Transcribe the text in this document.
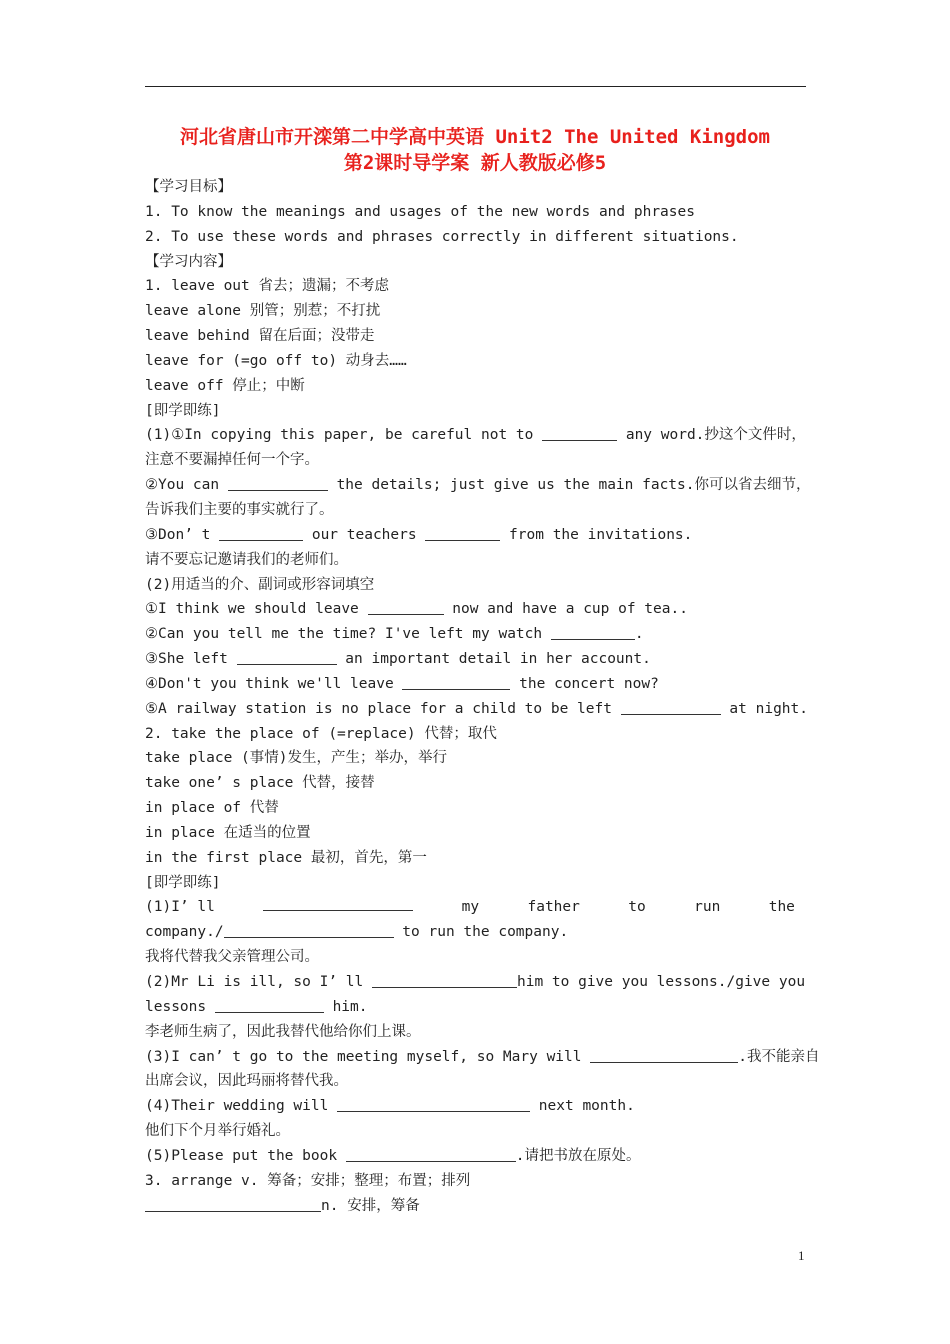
河北省唐山市开滦第二中学高中英语 Unit2 The United Kingdom
第2课时导学案 新人教版必修5
【学习目标】
1. To know the meanings and usages of the new words and phrases
2. To use these words and phrases correctly in different situations.
【学习内容】
1. leave out 省去；遗漏；不考虑
leave alone 别管；别惹；不打扰
leave behind 留在后面；没带走
leave for (=go off to) 动身去……
leave off 停止；中断
[即学即练]
(1)①In copying this paper, be careful not to	any word.抄这个文件时，
注意不要漏掉任何一个字。
②You can	the details; just give us the main facts.你可以省去细节，
告诉我们主要的事实就行了。
③Don’ t	our teachers	from the invitations.
请不要忘记邀请我们的老师们。
(2)用适当的介、副词或形容词填空
①I think we should leave	now and have a cup of tea..
②Can you tell me the time? I've left my watch	.
③She left	an important detail in her account.
④Don't you think we'll leave	the concert now?
⑤A railway station is no place for a child to be left	at night.
2. take the place of (=replace) 代替；取代
take place (事情)发生，产生；举办，举行
take one’ s place 代替，接替
in place of 代替
in place 在适当的位置
in the first place 最初，首先，第一
[即学即练]
(1)I’ ll	my	father	to	run	the
company./	to run the company.
我将代替我父亲管理公司。
(2)Mr Li is ill, so I’ ll	him to give you lessons./give you
lessons	him.
李老师生病了，因此我替代他给你们上课。
(3)I can’ t go to the meeting myself, so Mary will	.我不能亲自
出席会议，因此玛丽将替代我。
(4)Their wedding will	next month.
他们下个月举行婚礼。
(5)Please put the book	.请把书放在原处。
3. arrange v. 筹备；安排；整理；布置；排列
n. 安排，筹备
1
